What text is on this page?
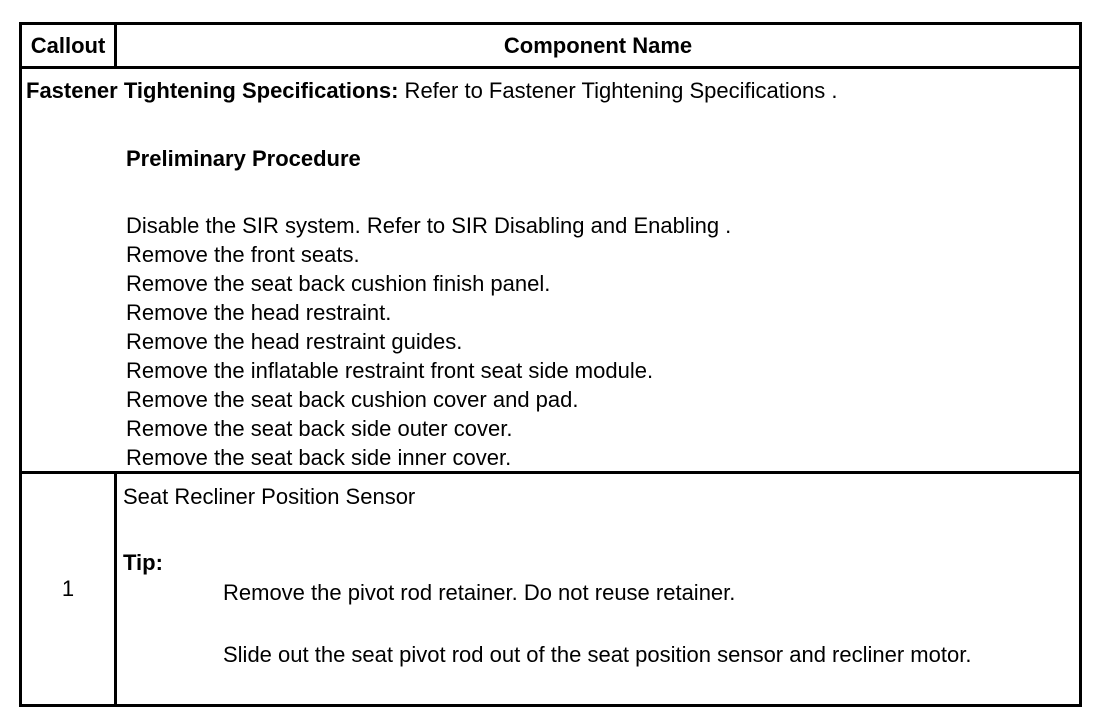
Callout	Component Name
Fastener Tightening Specifications: Refer to Fastener Tightening Specifications .
Preliminary Procedure
Disable the SIR system. Refer to SIR Disabling and Enabling .
Remove the front seats.
Remove the seat back cushion finish panel.
Remove the head restraint.
Remove the head restraint guides.
Remove the inflatable restraint front seat side module.
Remove the seat back cushion cover and pad.
Remove the seat back side outer cover.
Remove the seat back side inner cover.
1
Seat Recliner Position Sensor
Tip:
Remove the pivot rod retainer. Do not reuse retainer.
Slide out the seat pivot rod out of the seat position sensor and recliner motor.
